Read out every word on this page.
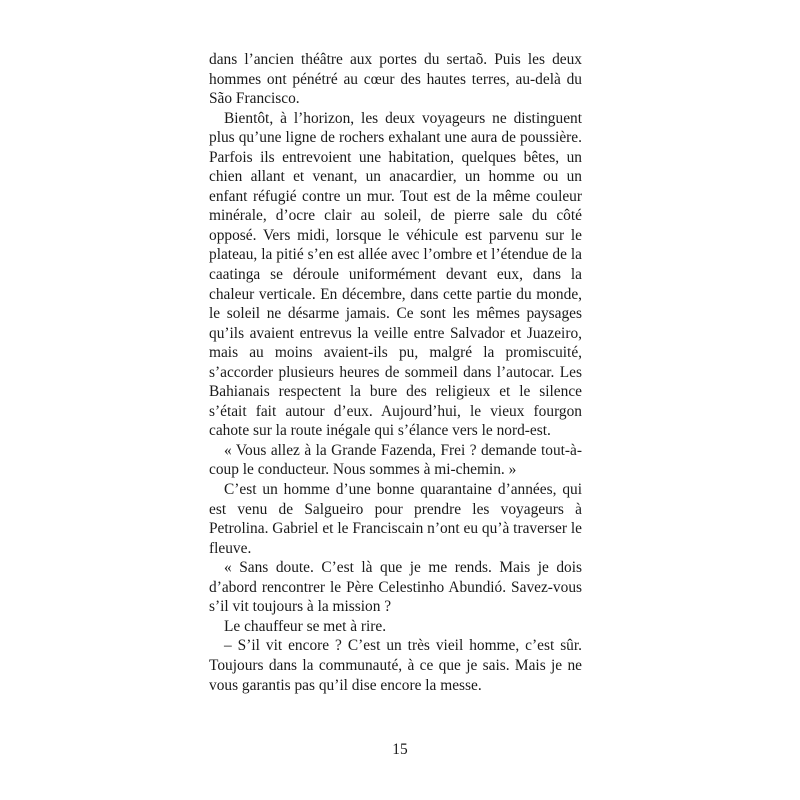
dans l’ancien théâtre aux portes du sertaõ. Puis les deux hommes ont pénétré au cœur des hautes terres, au-delà du São Francisco.

Bientôt, à l’horizon, les deux voyageurs ne distinguent plus qu’une ligne de rochers exhalant une aura de poussière. Parfois ils entrevoient une habitation, quelques bêtes, un chien allant et venant, un anacardier, un homme ou un enfant réfugié contre un mur. Tout est de la même couleur minérale, d’ocre clair au soleil, de pierre sale du côté opposé. Vers midi, lorsque le véhicule est parvenu sur le plateau, la pitié s’en est allée avec l’ombre et l’étendue de la caatinga se déroule uniformément devant eux, dans la chaleur verticale. En décembre, dans cette partie du monde, le soleil ne désarme jamais. Ce sont les mêmes paysages qu’ils avaient entrevus la veille entre Salvador et Juazeiro, mais au moins avaient-ils pu, malgré la promiscuité, s’accorder plusieurs heures de sommeil dans l’autocar. Les Bahianais respectent la bure des religieux et le silence s’était fait autour d’eux. Aujourd’hui, le vieux fourgon cahote sur la route inégale qui s’élance vers le nord-est.

« Vous allez à la Grande Fazenda, Frei ? demande tout-à-coup le conducteur. Nous sommes à mi-chemin. »

C’est un homme d’une bonne quarantaine d’années, qui est venu de Salgueiro pour prendre les voyageurs à Petrolina. Gabriel et le Franciscain n’ont eu qu’à traverser le fleuve.

« Sans doute. C’est là que je me rends. Mais je dois d’abord rencontrer le Père Celestinho Abundió. Savez-vous s’il vit toujours à la mission ?

Le chauffeur se met à rire.

– S’il vit encore ? C’est un très vieil homme, c’est sûr. Toujours dans la communauté, à ce que je sais. Mais je ne vous garantis pas qu’il dise encore la messe.

15
